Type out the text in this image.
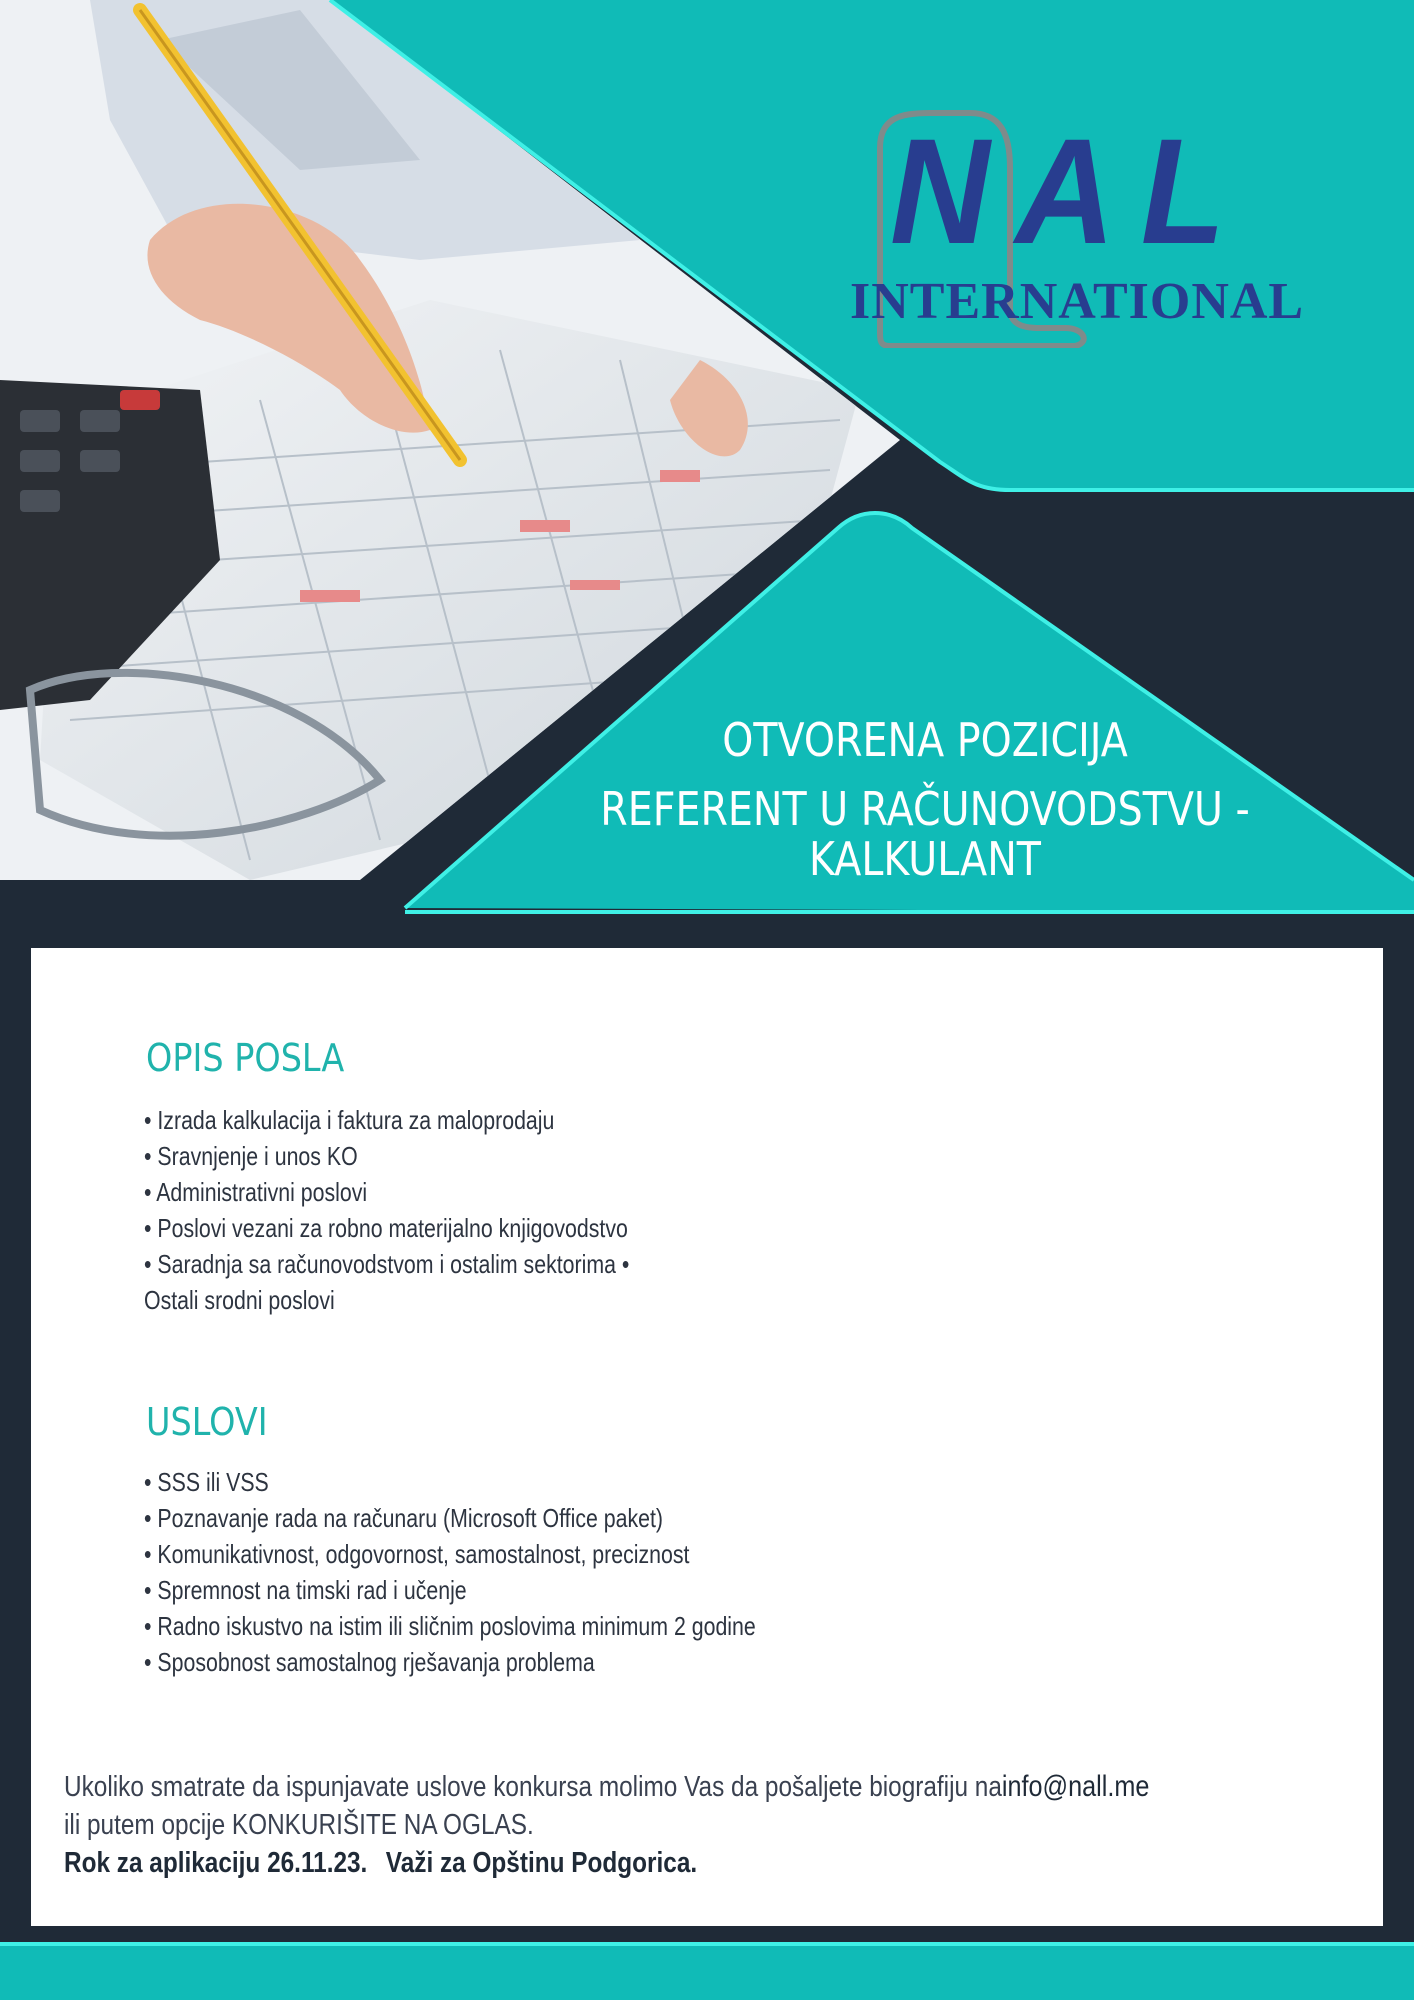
NAL
INTERNATIONAL
OTVORENA POZICIJA
REFERENT U RAČUNOVODSTVU -
KALKULANT
OPIS POSLA
• Izrada kalkulacija i faktura za maloprodaju
• Sravnjenje i unos KO
• Administrativni poslovi
• Poslovi vezani za robno materijalno knjigovodstvo
• Saradnja sa računovodstvom i ostalim sektorima •
Ostali srodni poslovi
USLOVI
• SSS ili VSS
• Poznavanje rada na računaru (Microsoft Office paket)
• Komunikativnost, odgovornost, samostalnost, preciznost
• Spremnost na timski rad i učenje
• Radno iskustvo na istim ili sličnim poslovima minimum 2 godine
• Sposobnost samostalnog rješavanja problema
Ukoliko smatrate da ispunjavate uslove konkursa molimo Vas da pošaljete biografiju nainfo@nall.me
ili putem opcije KONKURIŠITE NA OGLAS.
Rok za aplikaciju 26.11.23. Važi za Opštinu Podgorica.
